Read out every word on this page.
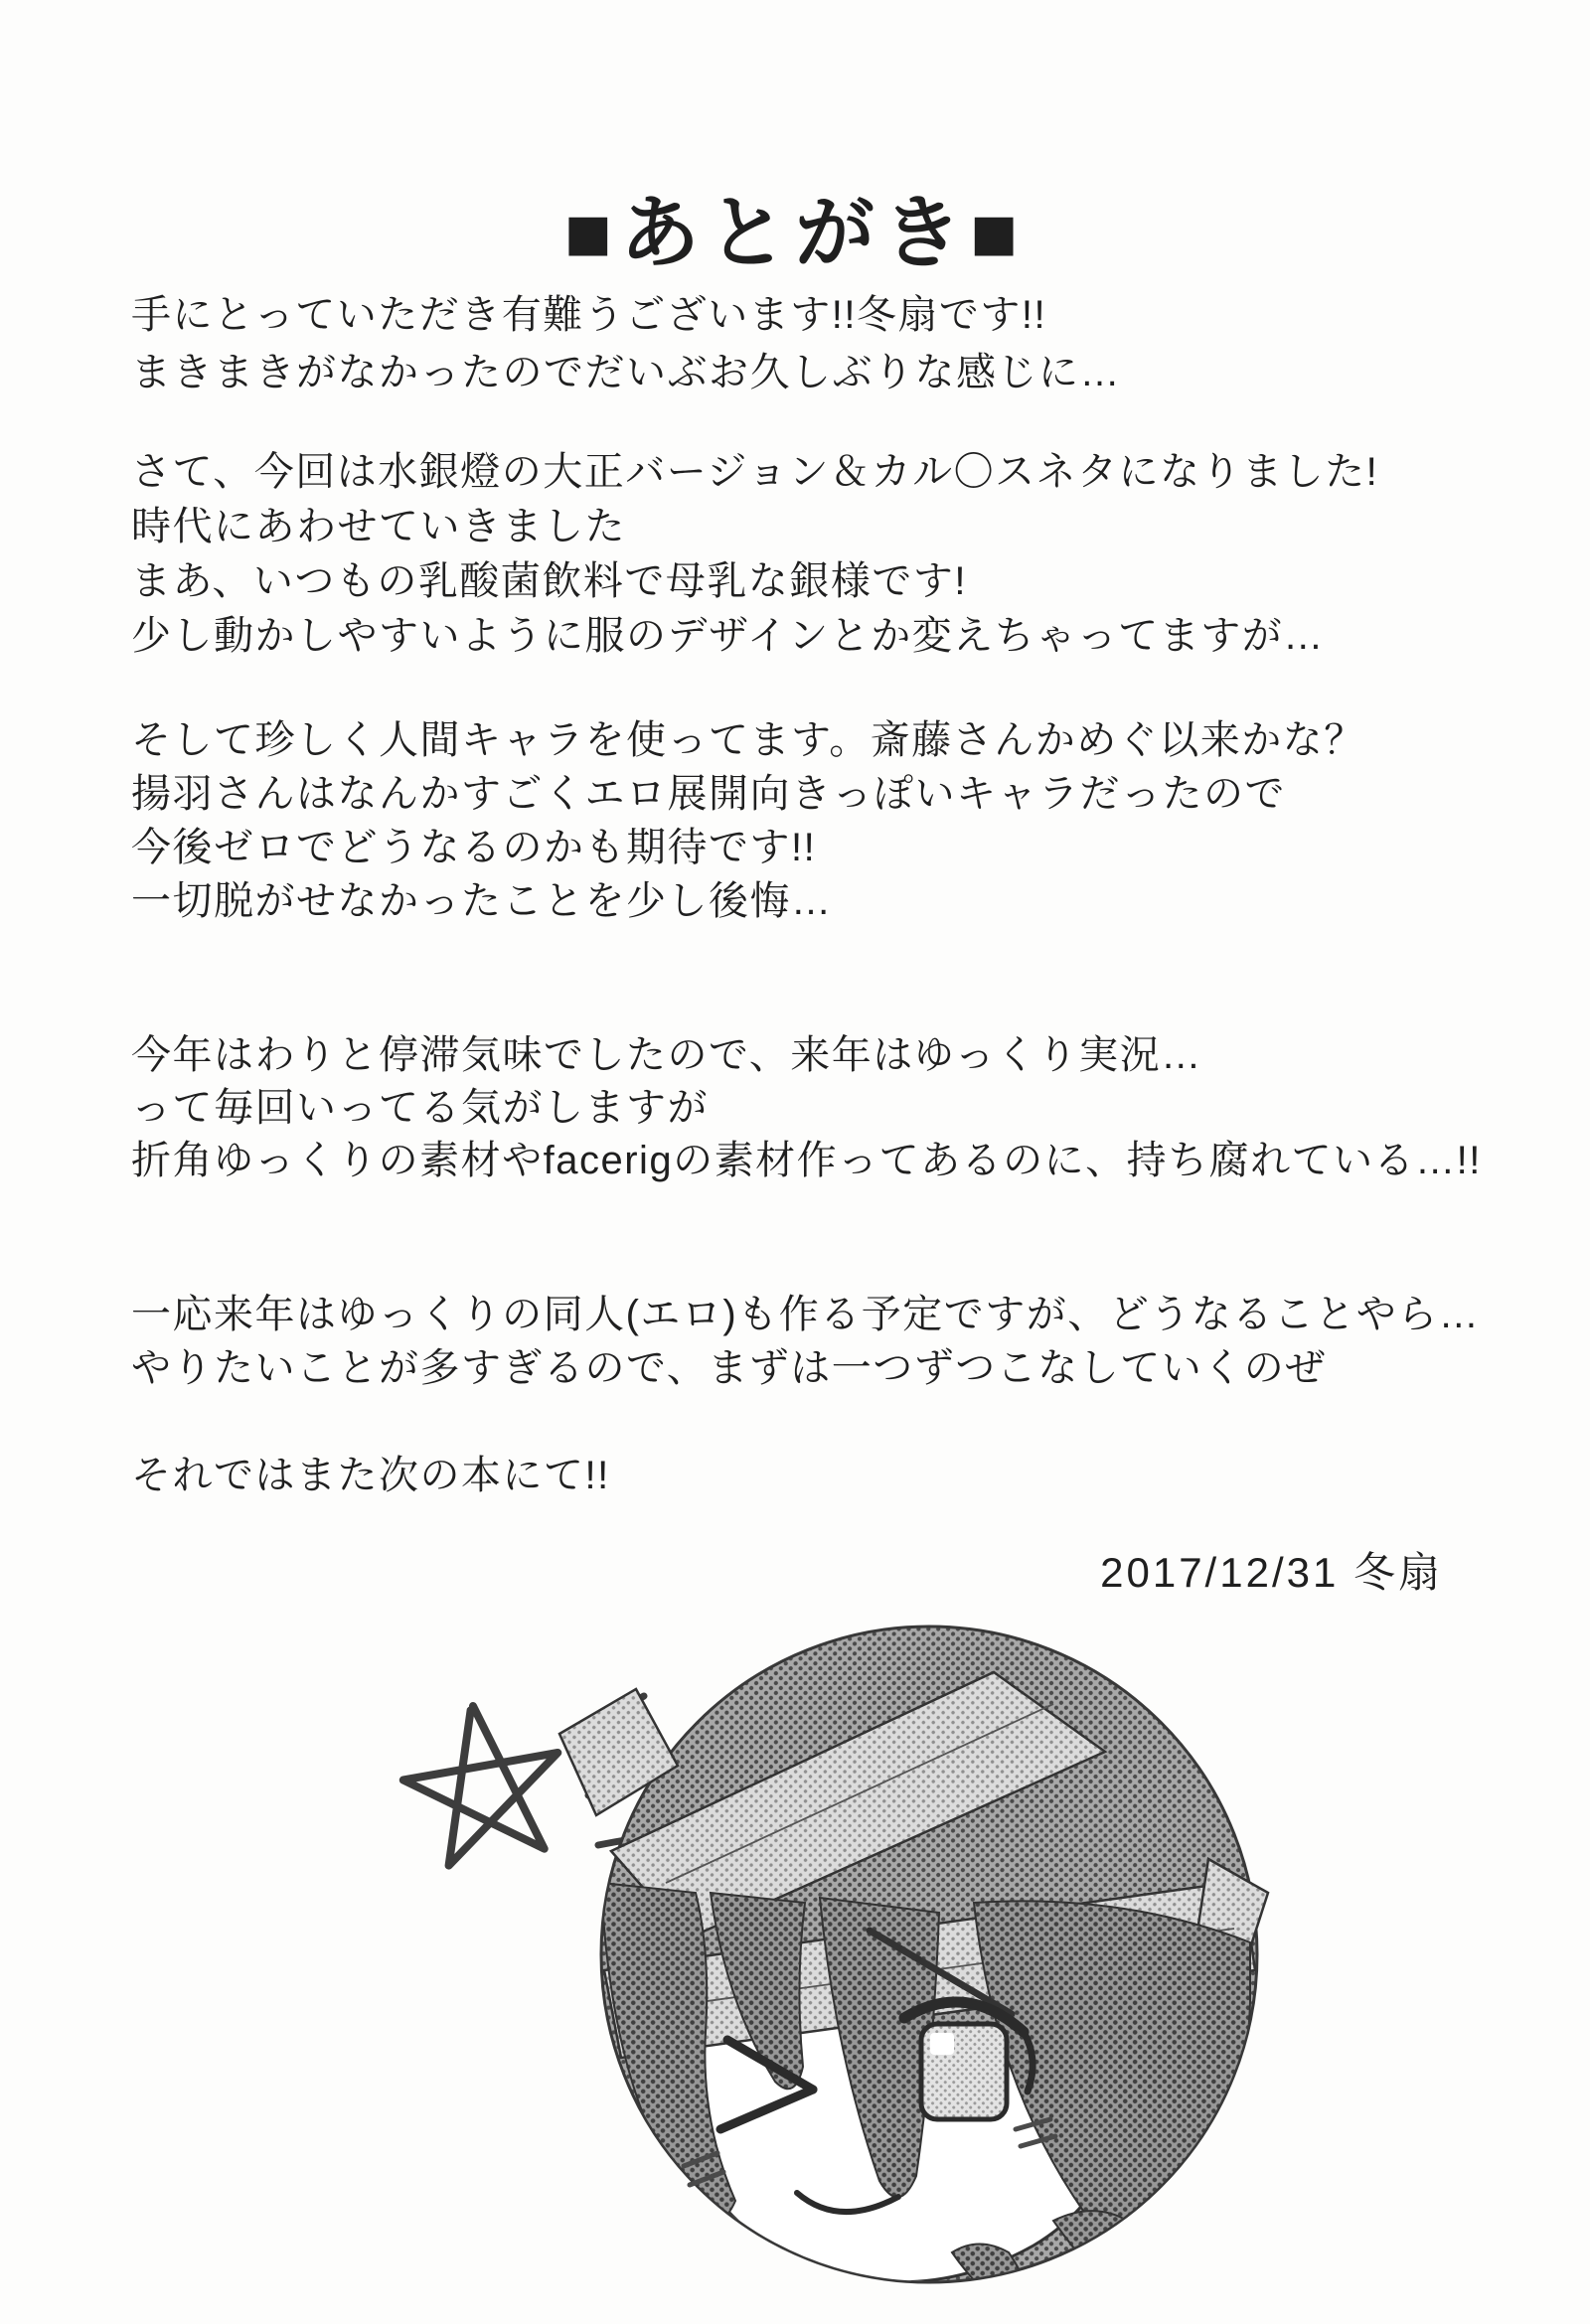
■あとがき■
手にとっていただき有難うございます!!冬扇です!!
まきまきがなかったのでだいぶお久しぶりな感じに…
さて、今回は水銀燈の大正バージョン＆カル〇スネタになりました!
時代にあわせていきました
まあ、いつもの乳酸菌飲料で母乳な銀様です!
少し動かしやすいように服のデザインとか変えちゃってますが…
そして珍しく人間キャラを使ってます。斎藤さんかめぐ以来かな？
揚羽さんはなんかすごくエロ展開向きっぽいキャラだったので
今後ゼロでどうなるのかも期待です!!
一切脱がせなかったことを少し後悔…
今年はわりと停滞気味でしたので、来年はゆっくり実況…
って毎回いってる気がしますが
折角ゆっくりの素材やfacerigの素材作ってあるのに、持ち腐れている…!!
一応来年はゆっくりの同人(エロ)も作る予定ですが、どうなることやら…
やりたいことが多すぎるので、まずは一つずつこなしていくのぜ
それではまた次の本にて!!
2017/12/31 冬扇
